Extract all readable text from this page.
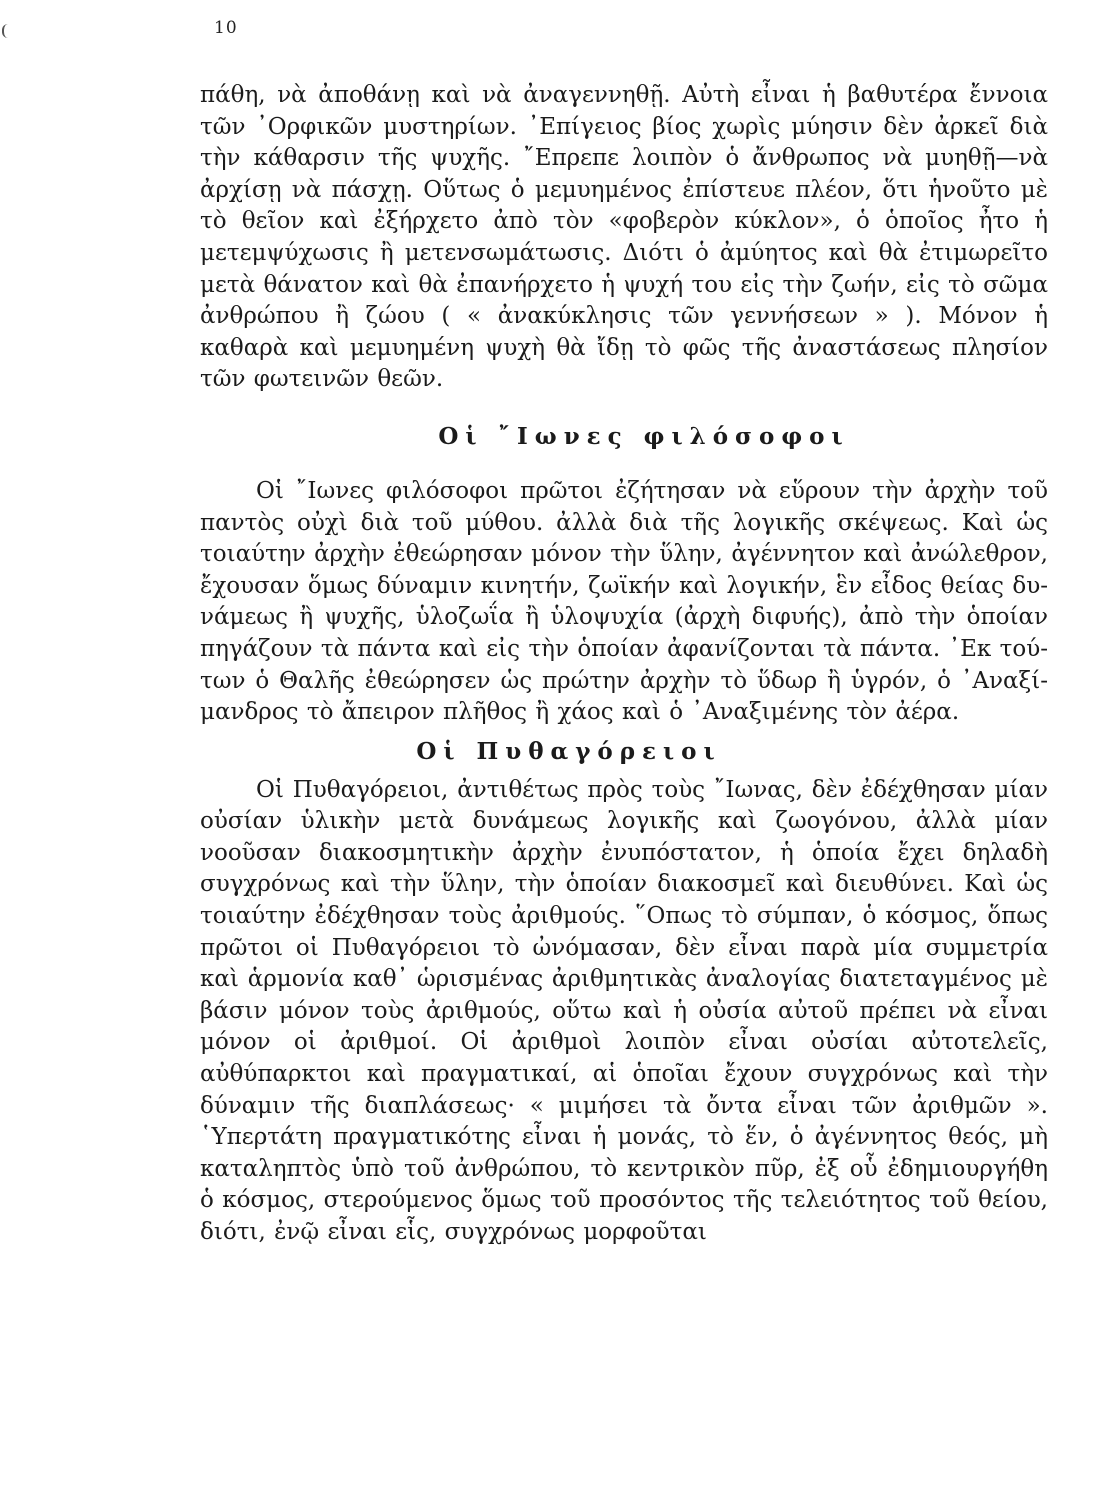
10

πάθη, νὰ ἀποθάνῃ καὶ νὰ ἀναγεννηθῇ. Αὐτὴ εἶναι ἡ βαθυτέρα ἔννοια τῶν ᾿Ορφικῶν μυστηρίων. ᾿Επίγειος βίος χωρὶς μύησιν δὲν ἀρκεῖ διὰ τὴν κάθαρσιν τῆς ψυχῆς. ῎Επρεπε λοιπὸν ὁ ἄνθρωπος νὰ μυηθῇ—νὰ ἀρχίσῃ νὰ πάσχῃ. Οὕτως ὁ μεμυημένος ἐπίστευε πλέον, ὅτι ἡνοῦτο μὲ τὸ θεῖον καὶ ἐξήρχετο ἀπὸ τὸν «φοβερὸν κύκλον», ὁ ὁποῖος ἦτο ἡ μετεμψύχωσις ἢ μετενσωμάτωσις. Διότι ὁ ἀμύητος καὶ θὰ ἐτιμωρεῖτο μετὰ θάνατον καὶ θὰ ἐπανήρχετο ἡ ψυχή του εἰς τὴν ζωήν, εἰς τὸ σῶμα ἀνθρώπου ἢ ζώου ( « ἀνακύκλησις τῶν γεννήσεων » ). Μόνον ἡ καθαρὰ καὶ μεμυημένη ψυχὴ θὰ ἴδῃ τὸ φῶς τῆς ἀναστάσεως πλησίον τῶν φωτεινῶν θεῶν.

Οἱ ῎Ιωνες φιλόσοφοι

Οἱ ῎Ιωνες φιλόσοφοι πρῶτοι ἐζήτησαν νὰ εὕρουν τὴν ἀρχὴν τοῦ παντὸς οὐχὶ διὰ τοῦ μύθου. ἀλλὰ διὰ τῆς λογικῆς σκέψεως. Καὶ ὡς τοιαύτην ἀρχὴν ἐθεώρησαν μόνον τὴν ὕλην, ἀγέννητον καὶ ἀνώλεθρον, ἔχουσαν ὅμως δύναμιν κινητήν, ζωϊκήν καὶ λογικήν, ἓν εἶδος θείας δυνάμεως ἢ ψυχῆς, ὑλοζωΐα ἢ ὑλοψυχία (ἀρχὴ διφυής), ἀπὸ τὴν ὁποίαν πηγάζουν τὰ πάντα καὶ εἰς τὴν ὁποίαν ἀφανίζονται τὰ πάντα. ᾿Εκ τούτων ὁ Θαλῆς ἐθεώρησεν ὡς πρώτην ἀρχὴν τὸ ὕδωρ ἢ ὑγρόν, ὁ ᾿Αναξίμανδρος τὸ ἄπειρον πλῆθος ἢ χάος καὶ ὁ ᾿Αναξιμένης τὸν ἀέρα.

Οἱ Πυθαγόρειοι

Οἱ Πυθαγόρειοι, ἀντιθέτως πρὸς τοὺς ῎Ιωνας, δὲν ἐδέχθησαν μίαν οὐσίαν ὑλικὴν μετὰ δυνάμεως λογικῆς καὶ ζωογόνου, ἀλλὰ μίαν νοοῦσαν διακοσμητικὴν ἀρχὴν ἐνυπόστατον, ἡ ὁποία ἔχει δηλαδὴ συγχρόνως καὶ τὴν ὕλην, τὴν ὁποίαν διακοσμεῖ καὶ διευθύνει. Καὶ ὡς τοιαύτην ἐδέχθησαν τοὺς ἀριθμούς. ῞Οπως τὸ σύμπαν, ὁ κόσμος, ὅπως πρῶτοι οἱ Πυθαγόρειοι τὸ ὠνόμασαν, δὲν εἶναι παρὰ μία συμμετρία καὶ ἁρμονία καθ᾿ ὡρισμένας ἀριθμητικὰς ἀναλογίας διατεταγμένος μὲ βάσιν μόνον τοὺς ἀριθμούς, οὕτω καὶ ἡ οὐσία αὐτοῦ πρέπει νὰ εἶναι μόνον οἱ ἀριθμοί. Οἱ ἀριθμοὶ λοιπὸν εἶναι οὐσίαι αὐτοτελεῖς, αὐθύπαρκτοι καὶ πραγματικαί, αἱ ὁποῖαι ἔχουν συγχρόνως καὶ τὴν δύναμιν τῆς διαπλάσεως· « μιμήσει τὰ ὄντα εἶναι τῶν ἀριθμῶν ». ῾Υπερτάτη πραγματικότης εἶναι ἡ μονάς, τὸ ἕν, ὁ ἀγέννητος θεός, μὴ καταληπτὸς ὑπὸ τοῦ ἀνθρώπου, τὸ κεντρικὸν πῦρ, ἐξ οὗ ἐδημιουργήθη ὁ κόσμος, στερούμενος ὅμως τοῦ προσόντος τῆς τελειότητος τοῦ θείου, διότι, ἐνῷ εἶναι εἷς, συγχρόνως μορφοῦται
